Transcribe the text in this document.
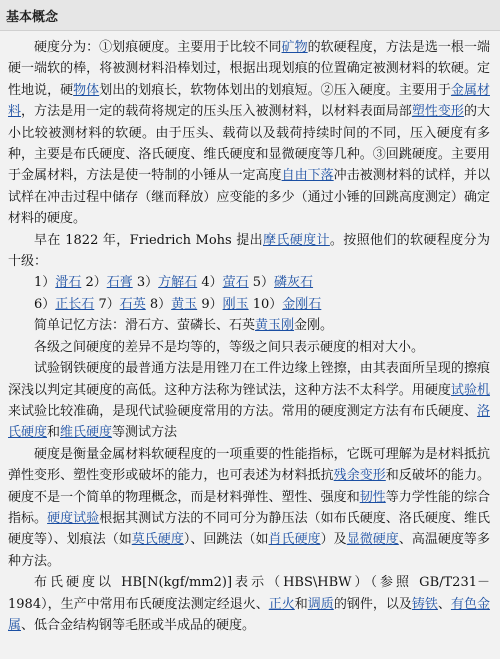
基本概念

硬度分为：①划痕硬度。主要用于比较不同矿物的软硬程度，方法是选一根一端硬一端软的棒，将被测材料沿棒划过，根据出现划痕的位置确定被测材料的软硬。定性地说，硬物体划出的划痕长，软物体划出的划痕短。②压入硬度。主要用于金属材料，方法是用一定的载荷将规定的压头压入被测材料，以材料表面局部塑性变形的大小比较被测材料的软硬。由于压头、载荷以及载荷持续时间的不同，压入硬度有多种，主要是布氏硬度、洛氏硬度、维氏硬度和显微硬度等几种。③回跳硬度。主要用于金属材料，方法是使一特制的小锤从一定高度自由下落冲击被测材料的试样，并以试样在冲击过程中储存（继而释放）应变能的多少（通过小锤的回跳高度测定）确定材料的硬度。

早在 1822 年，Friedrich Mohs 提出摩氏硬度计。按照他们的软硬程度分为十级：

1）滑石 2）石膏 3）方解石 4）萤石 5）磷灰石
6）正长石 7）石英 8）黄玉 9）刚玉 10）金刚石

简单记忆方法：滑石方、萤磷长、石英黄玉刚金刚。

各级之间硬度的差异不是均等的，等级之间只表示硬度的相对大小。

试验钢铁硬度的最普通方法是用锉刀在工件边缘上锉擦，由其表面所呈现的擦痕深浅以判定其硬度的高低。这种方法称为锉试法，这种方法不太科学。用硬度试验机来试验比较准确，是现代试验硬度常用的方法。常用的硬度测定方法有布氏硬度、洛氏硬度和维氏硬度等测试方法

硬度是衡量金属材料软硬程度的一项重要的性能指标，它既可理解为是材料抵抗弹性变形、塑性变形或破坏的能力，也可表述为材料抵抗残余变形和反破坏的能力。硬度不是一个简单的物理概念，而是材料弹性、塑性、强度和韧性等力学性能的综合指标。硬度试验根据其测试方法的不同可分为静压法（如布氏硬度、洛氏硬度、维氏硬度等）、划痕法（如莫氏硬度）、回跳法（如肖氏硬度）及显微硬度、高温硬度等多种方法。

布氏硬度以 HB[N(kgf/mm2)]表示（HBS\HBW）（参照 GB/T231－1984），生产中常用布氏硬度法测定经退火、正火和调质的钢件，以及铸铁、有色金属、低合金结构钢等毛胚或半成品的硬度。
